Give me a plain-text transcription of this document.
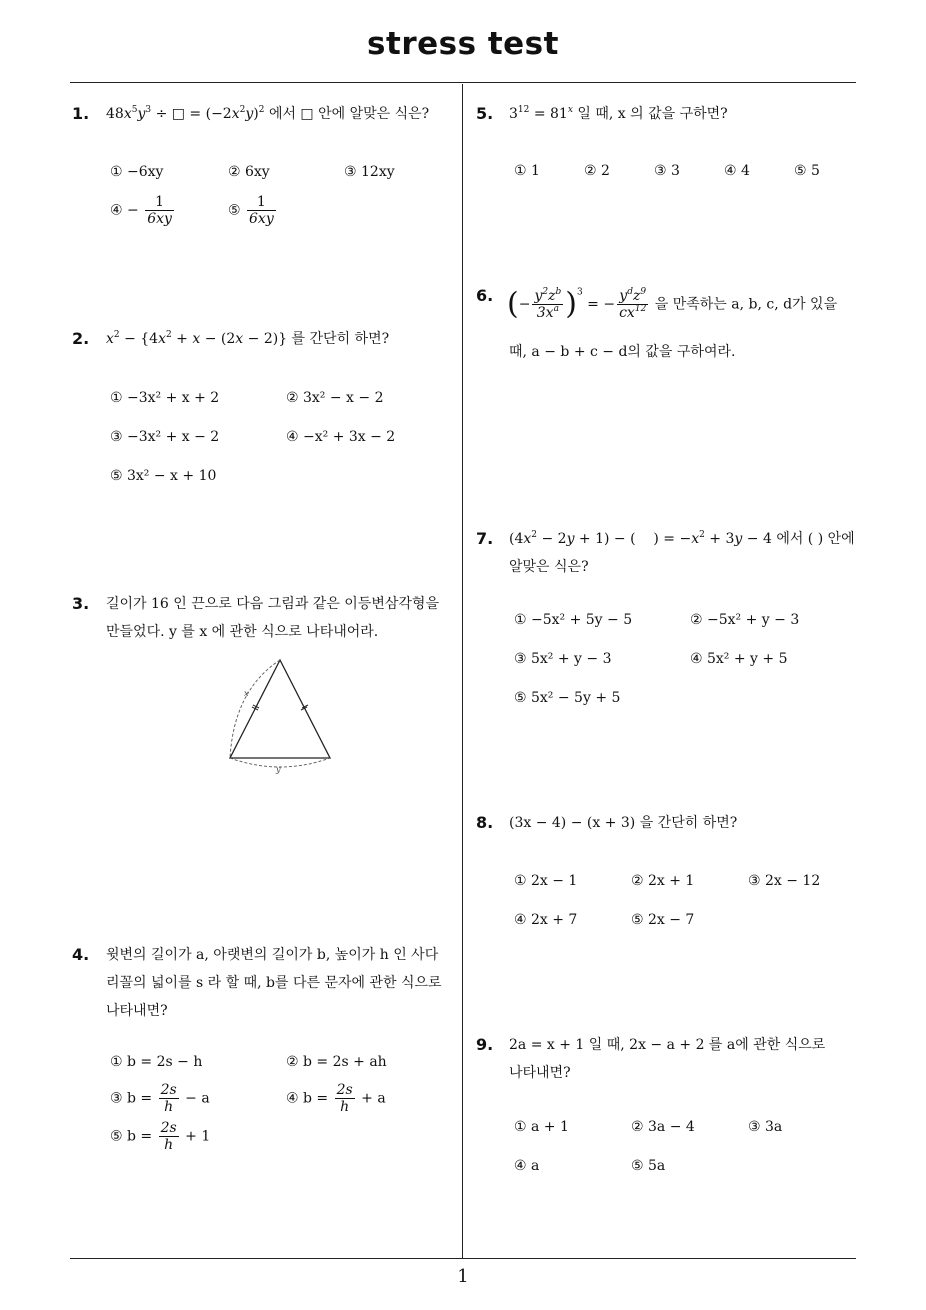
stress test
1
1. $48x^5y^3$ ÷ □ = $(-2x^2y)^2$ 에서 □ 안에 알맞은 식은?
① −6xy	② 6xy	③ 12xy
④ − $\frac{1}{6xy}$	⑤ $\frac{1}{6xy}$
2. $x^2 - \{4x^2 + x - (2x - 2)\}$ 를 간단히 하면?
① −3x² + x + 2	② 3x² − x − 2
③ −3x² + x − 2	④ −x² + 3x − 2
⑤ 3x² − x + 10
3. 길이가 16 인 끈으로 다음 그림과 같은 이등변삼각형을
만들었다. y 를 x 에 관한 식으로 나타내어라.
x
y
4. 윗변의 길이가 a, 아랫변의 길이가 b, 높이가 h 인 사다
리꼴의 넓이를 s 라 할 때, b를 다른 문자에 관한 식으로
나타내면?
① b = 2s − h	② b = 2s + ah
③ $b = \frac{2s}{h} - a$	④ $b = \frac{2s}{h} + a$
⑤ $b = \frac{2s}{h} + 1$
5. $3^{12} = 81^x$ 일 때, x 의 값을 구하면?
① 1	② 2	③ 3	④ 4	⑤ 5
6. (− $\frac{y^2z^b}{3x^a} )^3$ = − $\frac{y^dz^9}{cx^{12}}$ 을 만족하는 a, b, c, d가 있을
때, a − b + c − d의 값을 구하여라.
7. $(4x^2 - 2y + 1)$ − (    ) = $-x^2 + 3y - 4$ 에서 ( ) 안에
알맞은 식은?
① −5x² + 5y − 5	② −5x² + y − 3
③ 5x² + y − 3	④ 5x² + y + 5
⑤ 5x² − 5y + 5
8. (3x − 4) − (x + 3) 을 간단히 하면?
① 2x − 1	② 2x + 1	③ 2x − 12
④ 2x + 7	⑤ 2x − 7
9. 2a = x + 1 일 때, 2x − a + 2 를 a에 관한 식으로
나타내면?
① a + 1	② 3a − 4	③ 3a
④ a	⑤ 5a
